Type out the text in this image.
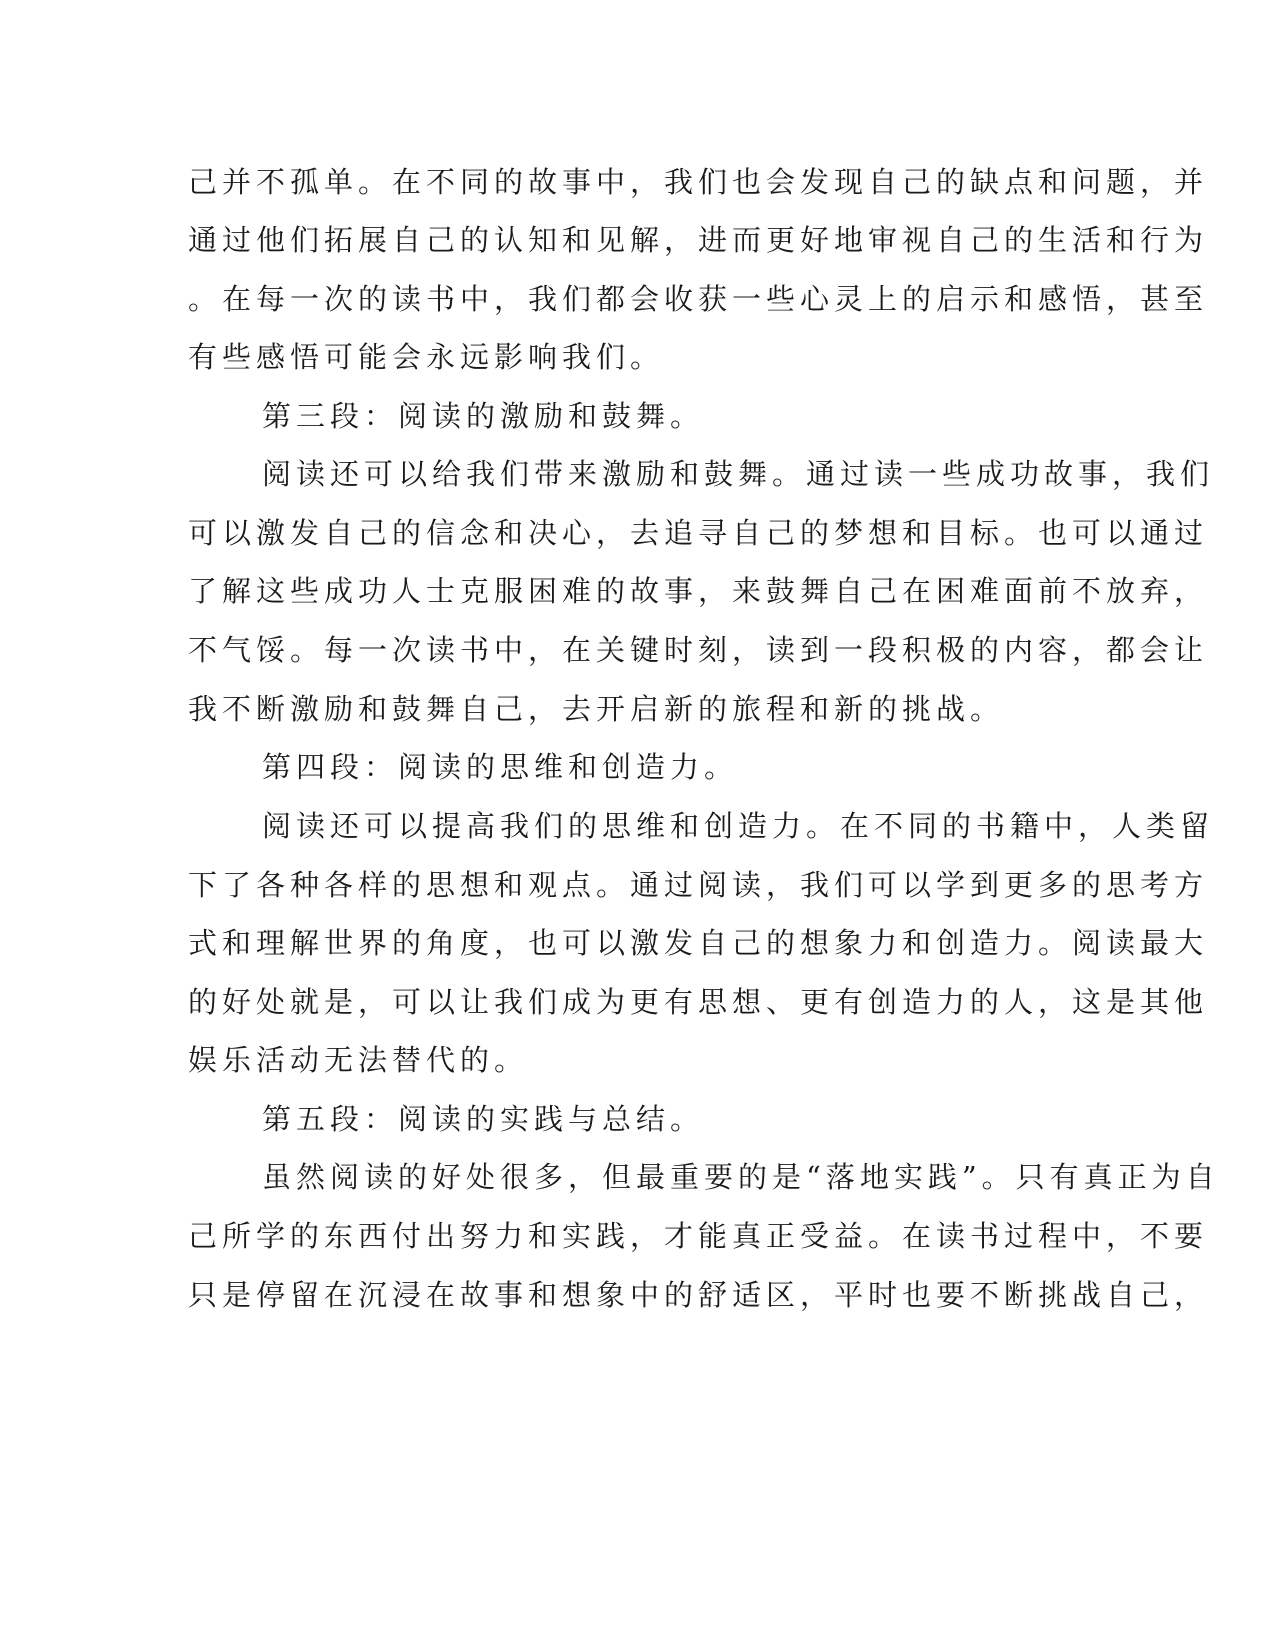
己并不孤单。在不同的故事中，我们也会发现自己的缺点和问题，并
通过他们拓展自己的认知和见解，进而更好地审视自己的生活和行为
。在每一次的读书中，我们都会收获一些心灵上的启示和感悟，甚至
有些感悟可能会永远影响我们。
第三段：阅读的激励和鼓舞。
阅读还可以给我们带来激励和鼓舞。通过读一些成功故事，我们
可以激发自己的信念和决心，去追寻自己的梦想和目标。也可以通过
了解这些成功人士克服困难的故事，来鼓舞自己在困难面前不放弃，
不气馁。每一次读书中，在关键时刻，读到一段积极的内容，都会让
我不断激励和鼓舞自己，去开启新的旅程和新的挑战。
第四段：阅读的思维和创造力。
阅读还可以提高我们的思维和创造力。在不同的书籍中，人类留
下了各种各样的思想和观点。通过阅读，我们可以学到更多的思考方
式和理解世界的角度，也可以激发自己的想象力和创造力。阅读最大
的好处就是，可以让我们成为更有思想、更有创造力的人，这是其他
娱乐活动无法替代的。
第五段：阅读的实践与总结。
虽然阅读的好处很多，但最重要的是“落地实践”。只有真正为自
己所学的东西付出努力和实践，才能真正受益。在读书过程中，不要
只是停留在沉浸在故事和想象中的舒适区，平时也要不断挑战自己，
